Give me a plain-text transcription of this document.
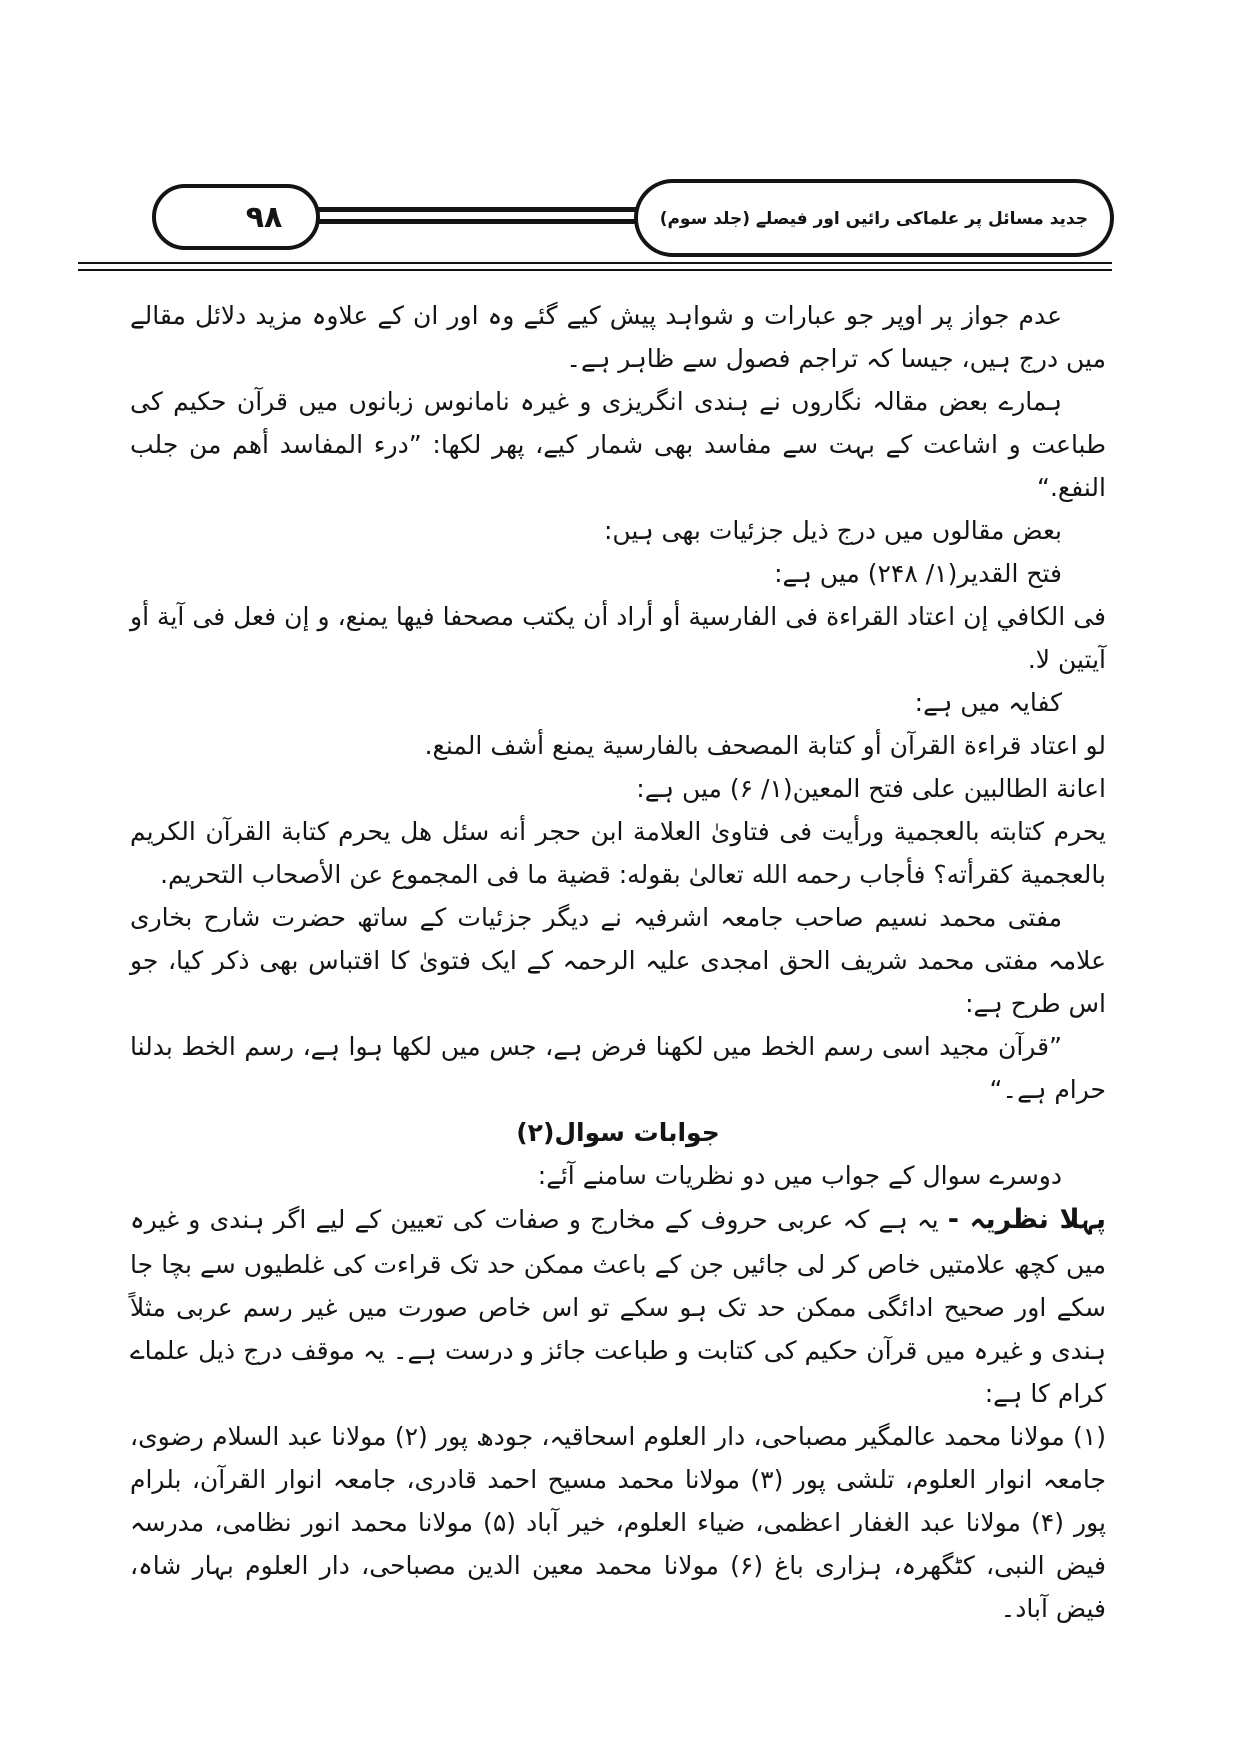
۹۸	جدید مسائل پر علماکی رائیں اور فیصلے (جلد سوم)

عدم جواز پر اوپر جو عبارات و شواہد پیش کیے گئے وہ اور ان کے علاوہ مزید دلائل مقالے میں درج ہیں، جیسا کہ تراجم فصول سے ظاہر ہے۔

ہمارے بعض مقالہ نگاروں نے ہندی انگریزی و غیرہ نامانوس زبانوں میں قرآن حکیم کی طباعت و اشاعت کے بہت سے مفاسد بھی شمار کیے، پھر لکھا: ”درء المفاسد أهم من جلب النفع.“

بعض مقالوں میں درج ذیل جزئیات بھی ہیں:

فتح القدیر(۱/ ۲۴۸) میں ہے:

فى الكافي إن اعتاد القراءة فى الفارسية أو أراد أن يكتب مصحفا فيها يمنع، و إن فعل فى آية أو آيتين لا.

کفایہ میں ہے:

لو اعتاد قراءة القرآن أو كتابة المصحف بالفارسية يمنع أشف المنع.

اعانة الطالبین علی فتح المعین(۱/ ۶) میں ہے:

يحرم كتابته بالعجمية ورأيت فى فتاوىٰ العلامة ابن حجر أنه سئل هل يحرم كتابة القرآن الكريم بالعجمية كقرأته؟ فأجاب رحمه الله تعالىٰ بقوله: قضية ما فى المجموع عن الأصحاب التحريم.

مفتی محمد نسیم صاحب جامعہ اشرفیہ نے دیگر جزئیات کے ساتھ حضرت شارح بخاری علامہ مفتی محمد شریف الحق امجدی علیہ الرحمہ کے ایک فتویٰ کا اقتباس بھی ذکر کیا، جو اس طرح ہے:

”قرآن مجید اسی رسم الخط میں لکھنا فرض ہے، جس میں لکھا ہوا ہے، رسم الخط بدلنا حرام ہے۔“

جوابات سوال(۲)

دوسرے سوال کے جواب میں دو نظریات سامنے آئے:

پہلا نظریہ - یہ ہے کہ عربی حروف کے مخارج و صفات کی تعیین کے لیے اگر ہندی و غیرہ میں کچھ علامتیں خاص کر لی جائیں جن کے باعث ممکن حد تک قراءت کی غلطیوں سے بچا جا سکے اور صحیح ادائگی ممکن حد تک ہو سکے تو اس خاص صورت میں غیر رسم عربی مثلاً ہندی و غیرہ میں قرآن حکیم کی کتابت و طباعت جائز و درست ہے۔ یہ موقف درج ذیل علماے کرام کا ہے:

(۱) مولانا محمد عالمگیر مصباحی، دار العلوم اسحاقیہ، جودھ پور (۲) مولانا عبد السلام رضوی، جامعہ انوار العلوم، تلشی پور (۳) مولانا محمد مسیح احمد قادری، جامعہ انوار القرآن، بلرام پور (۴) مولانا عبد الغفار اعظمی، ضیاء العلوم، خیر آباد (۵) مولانا محمد انور نظامی، مدرسہ فیض النبی، کٹگھرہ، ہزاری باغ (۶) مولانا محمد معین الدین مصباحی، دار العلوم بہار شاہ، فیض آباد۔
